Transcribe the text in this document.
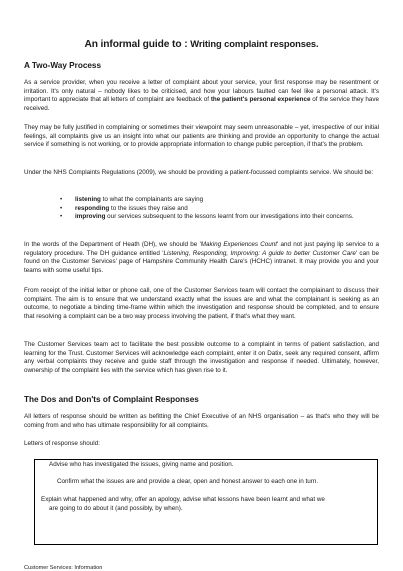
An informal guide to : Writing complaint responses.
A Two-Way Process
As a service provider, when you receive a letter of complaint about your service, your first response may be resentment or irritation. It's only natural – nobody likes to be criticised, and how your labours faulted can feel like a personal attack. It's important to appreciate that all letters of complaint are feedback of the patient's personal experience of the service they have received.
They may be fully justified in complaining or sometimes their viewpoint may seem unreasonable – yet, irrespective of our initial feelings, all complaints give us an insight into what our patients are thinking and provide an opportunity to change the actual service if something is not working, or to provide appropriate information to change public perception, if that's the problem.
Under the NHS Complaints Regulations (2009), we should be providing a patient-focussed complaints service. We should be:
• listening to what the complainants are saying
• responding to the issues they raise and
• improving our services subsequent to the lessons learnt from our investigations into their concerns.
In the words of the Department of Heath (DH), we should be 'Making Experiences Count' and not just paying lip service to a regulatory procedure. The DH guidance entitled 'Listening, Responding, Improving: A guide to better Customer Care' can be found on the Customer Services' page of Hampshire Community Health Care's (HCHC) intranet. It may provide you and your teams with some useful tips.
From receipt of the initial letter or phone call, one of the Customer Services team will contact the complainant to discuss their complaint. The aim is to ensure that we understand exactly what the issues are and what the complainant is seeking as an outcome, to negotiate a binding time-frame within which the investigation and response should be completed, and to ensure that resolving a complaint can be a two way process involving the patient, if that's what they want.
The Customer Services team act to facilitate the best possible outcome to a complaint in terms of patient satisfaction, and learning for the Trust. Customer Services will acknowledge each complaint, enter it on Datix, seek any required consent, affirm any verbal complaints they receive and guide staff through the investigation and response if needed. Ultimately, however, ownership of the complaint lies with the service which has given rise to it.
The Dos and Don'ts of Complaint Responses
All letters of response should be written as befitting the Chief Executive of an NHS organisation – as that's who they will be coming from and who has ultimate responsibility for all complaints.
Letters of response should:
Advise who has investigated the issues, giving name and position.
Confirm what the issues are and provide a clear, open and honest answer to each one in turn.
Explain what happened and why, offer an apology, advise what lessons have been learnt and what we
are going to do about it (and possibly, by when).
Customer Services: Information
